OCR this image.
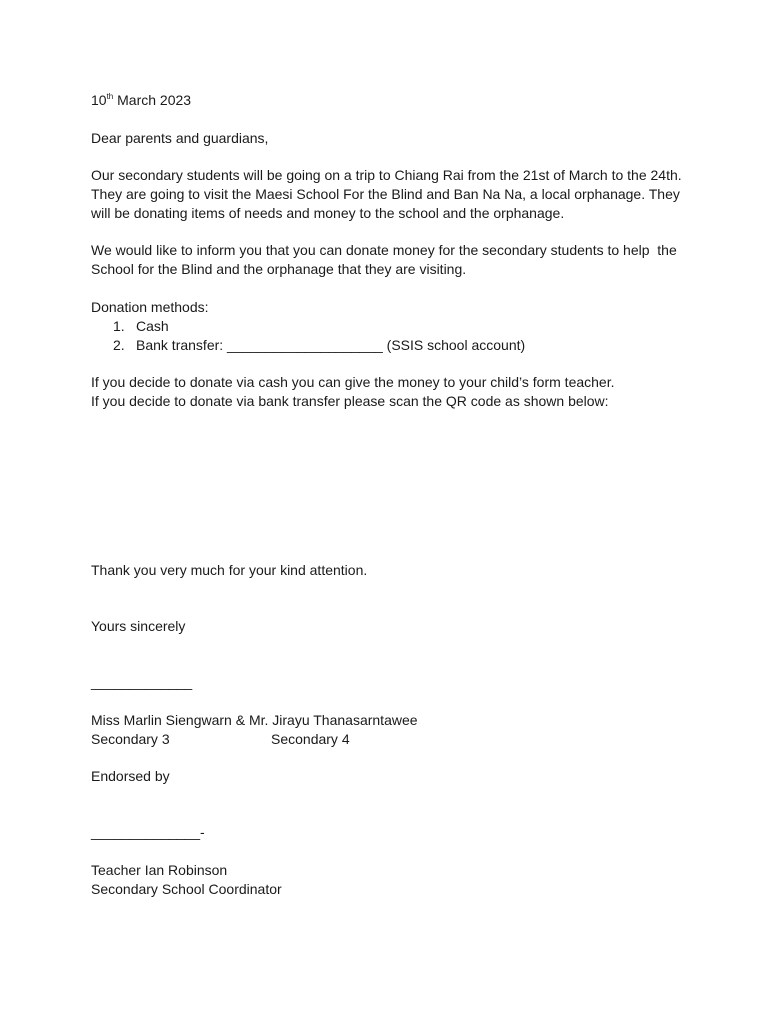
10th March 2023
Dear parents and guardians,
Our secondary students will be going on a trip to Chiang Rai from the 21st of March to the 24th.
They are going to visit the Maesi School For the Blind and Ban Na Na, a local orphanage. They
will be donating items of needs and money to the school and the orphanage.
We would like to inform you that you can donate money for the secondary students to help  the
School for the Blind and the orphanage that they are visiting.
Donation methods:
1. Cash
2. Bank transfer: ____________________ (SSIS school account)
If you decide to donate via cash you can give the money to your child’s form teacher.
If you decide to donate via bank transfer please scan the QR code as shown below:
Thank you very much for your kind attention.
Yours sincerely
_____________
Miss Marlin Siengwarn & Mr. Jirayu Thanasarntawee
Secondary 3	Secondary 4
Endorsed by
______________-
Teacher Ian Robinson
Secondary School Coordinator
